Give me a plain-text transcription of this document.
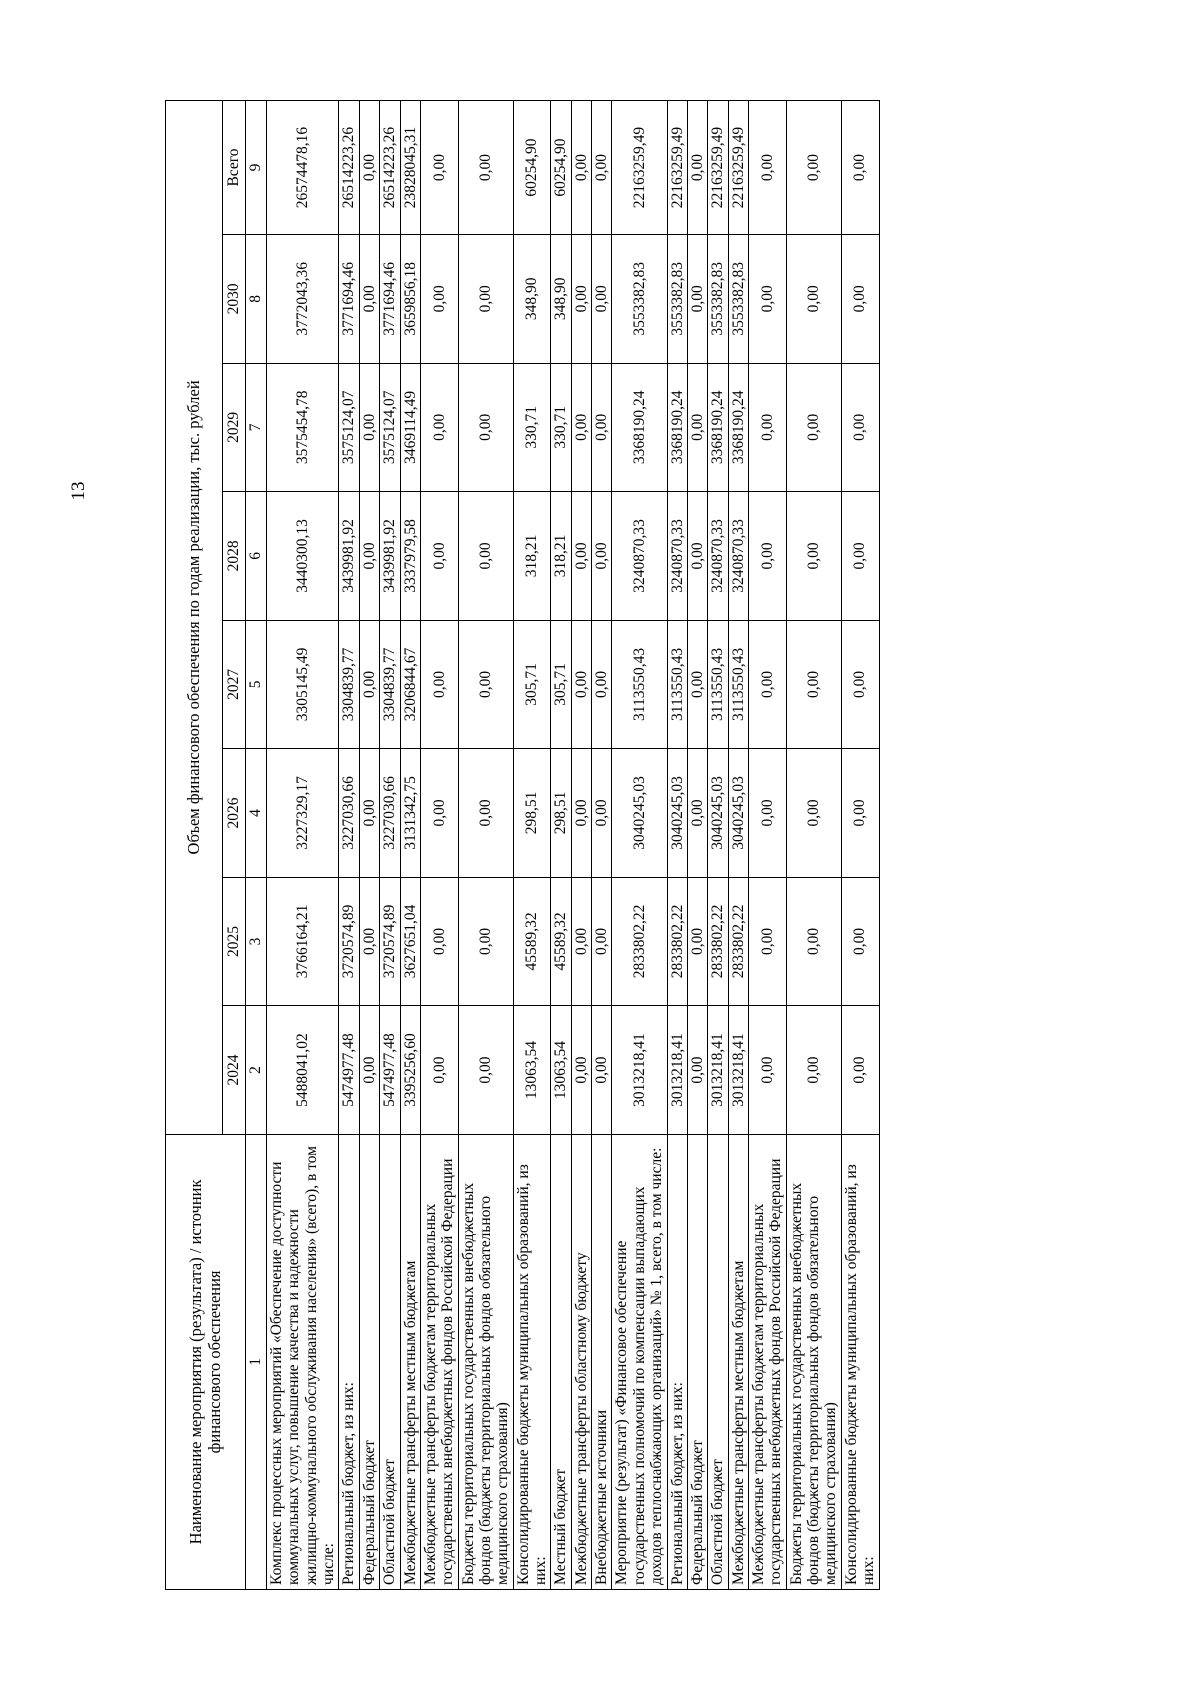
13
Наименование мероприятия (результата) / источник финансового обеспечения	Объем финансового обеспечения по годам реализации, тыс. рублей							
	2024	2025	2026	2027	2028	2029	2030	Всего
1	2	3	4	5	6	7	8	9
Комплекс процессных мероприятий «Обеспечение доступности коммунальных услуг, повышение качества и надежности жилищно-коммунального обслуживания населения» (всего), в том числе:	5488041,02	3766164,21	3227329,17	3305145,49	3440300,13	3575454,78	3772043,36	26574478,16
Региональный бюджет, из них:	5474977,48	3720574,89	3227030,66	3304839,77	3439981,92	3575124,07	3771694,46	26514223,26
Федеральный бюджет	0,00	0,00	0,00	0,00	0,00	0,00	0,00	0,00
Областной бюджет	5474977,48	3720574,89	3227030,66	3304839,77	3439981,92	3575124,07	3771694,46	26514223,26
Межбюджетные трансферты местным бюджетам	3395256,60	3627651,04	3131342,75	3206844,67	3337979,58	3469114,49	3659856,18	23828045,31
Межбюджетные трансферты бюджетам территориальных государственных внебюджетных фондов Российской Федерации	0,00	0,00	0,00	0,00	0,00	0,00	0,00	0,00
Бюджеты территориальных государственных внебюджетных фондов (бюджеты территориальных фондов обязательного медицинского страхования)	0,00	0,00	0,00	0,00	0,00	0,00	0,00	0,00
Консолидированные бюджеты муниципальных образований, из них:	13063,54	45589,32	298,51	305,71	318,21	330,71	348,90	60254,90
Местный бюджет	13063,54	45589,32	298,51	305,71	318,21	330,71	348,90	60254,90
Межбюджетные трансферты областному бюджету	0,00	0,00	0,00	0,00	0,00	0,00	0,00	0,00
Внебюджетные источники	0,00	0,00	0,00	0,00	0,00	0,00	0,00	0,00
Мероприятие (результат) «Финансовое обеспечение государственных полномочий по компенсации выпадающих доходов теплоснабжающих организаций» № 1, всего, в том числе:	3013218,41	2833802,22	3040245,03	3113550,43	3240870,33	3368190,24	3553382,83	22163259,49
Региональный бюджет, из них:	3013218,41	2833802,22	3040245,03	3113550,43	3240870,33	3368190,24	3553382,83	22163259,49
Федеральный бюджет	0,00	0,00	0,00	0,00	0,00	0,00	0,00	0,00
Областной бюджет	3013218,41	2833802,22	3040245,03	3113550,43	3240870,33	3368190,24	3553382,83	22163259,49
Межбюджетные трансферты местным бюджетам	3013218,41	2833802,22	3040245,03	3113550,43	3240870,33	3368190,24	3553382,83	22163259,49
Межбюджетные трансферты бюджетам территориальных государственных внебюджетных фондов Российской Федерации	0,00	0,00	0,00	0,00	0,00	0,00	0,00	0,00
Бюджеты территориальных государственных внебюджетных фондов (бюджеты территориальных фондов обязательного медицинского страхования)	0,00	0,00	0,00	0,00	0,00	0,00	0,00	0,00
Консолидированные бюджеты муниципальных образований, из них:	0,00	0,00	0,00	0,00	0,00	0,00	0,00	0,00
